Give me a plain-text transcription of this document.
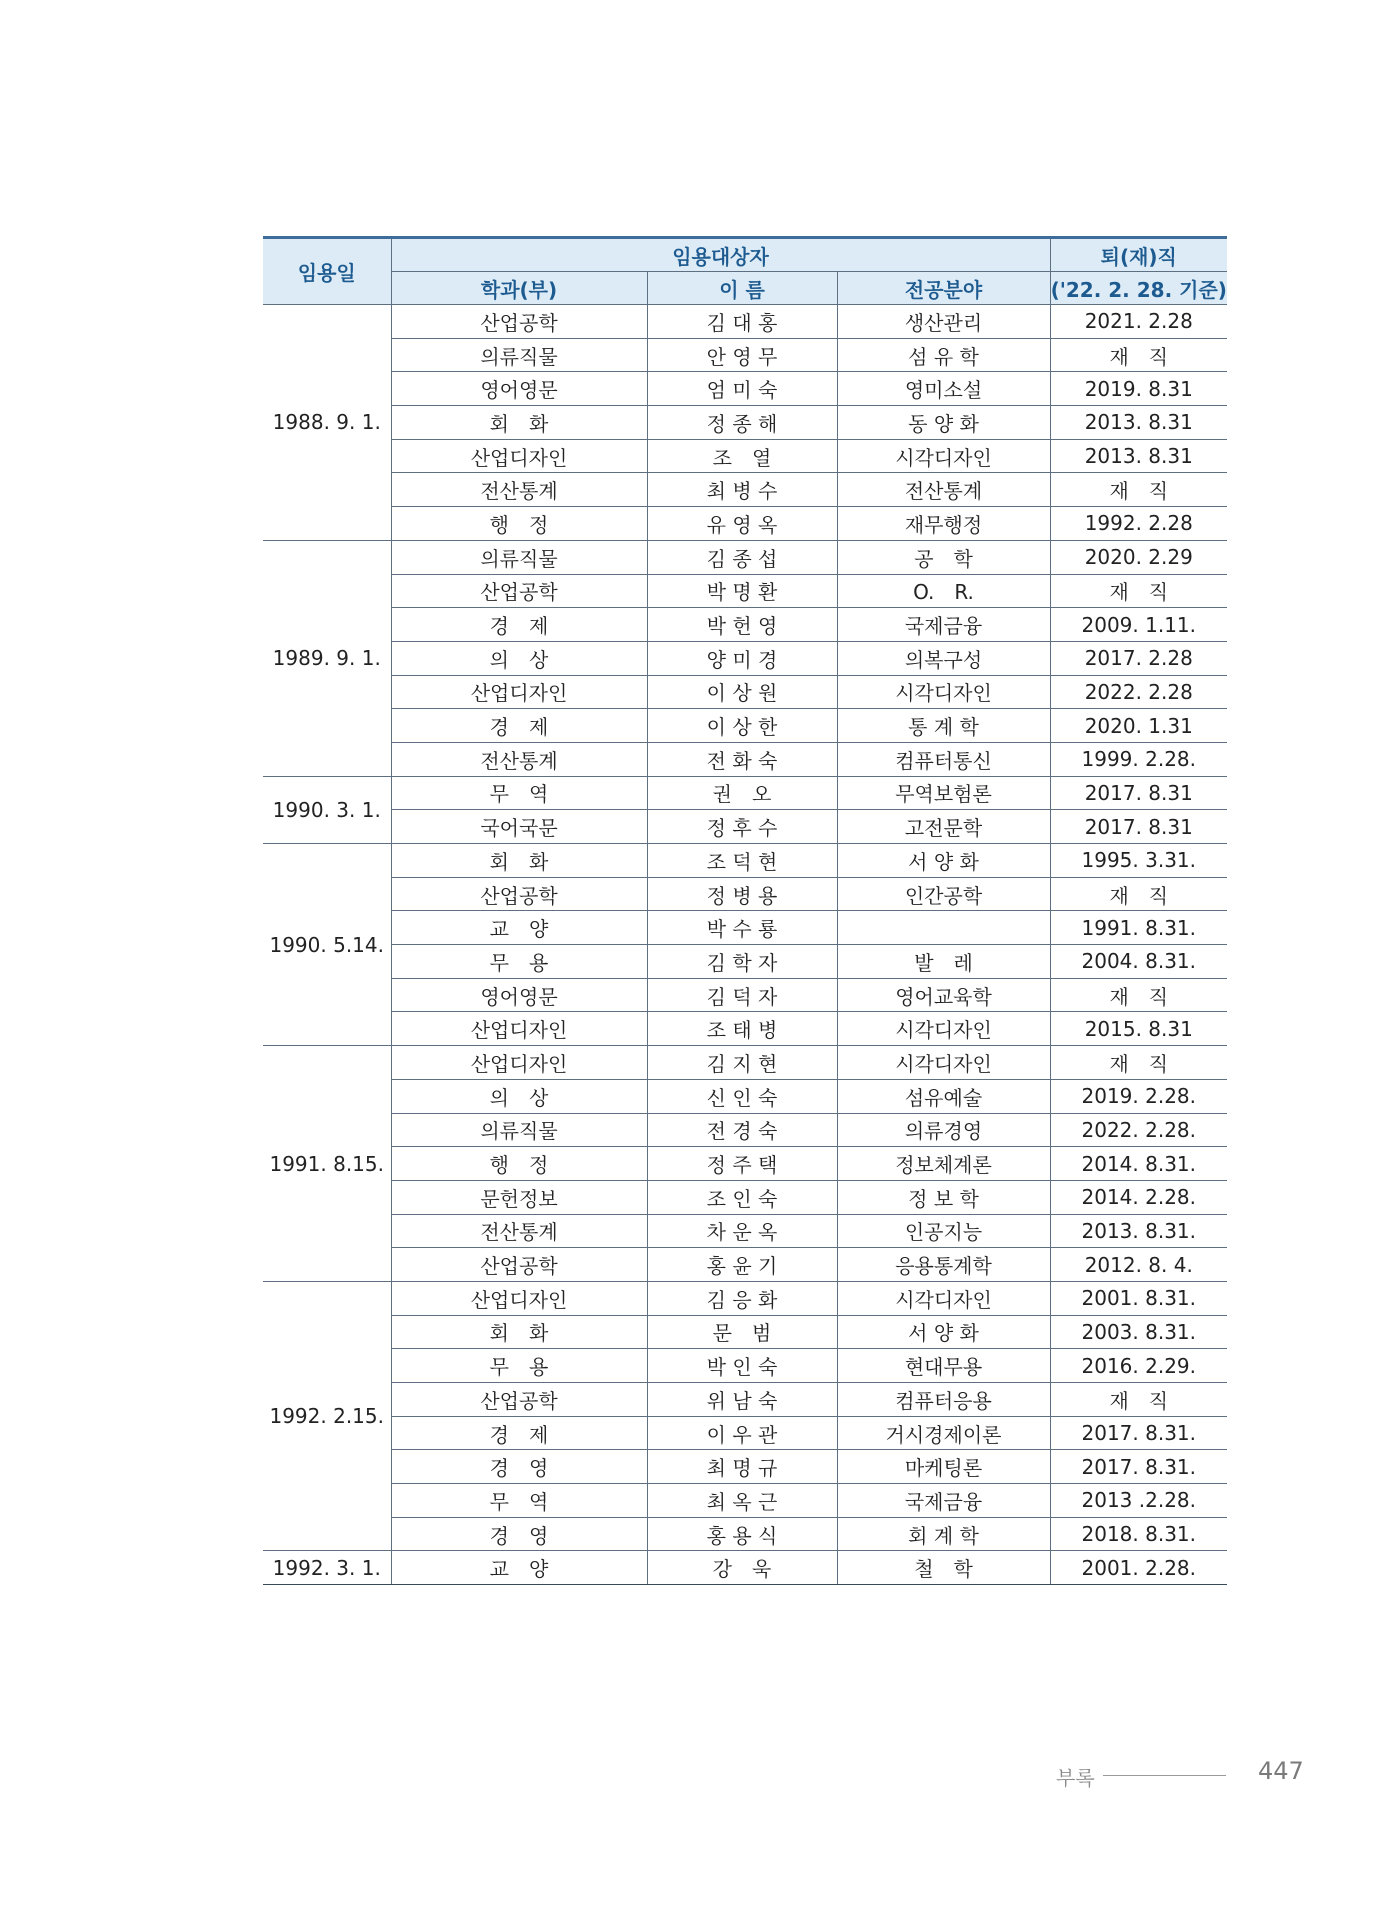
임용일	임용대상자			퇴(재)직
	학과(부)	이 름	전공분야	('22. 2. 28. 기준)
1988. 9. 1.	산업공학	김 대 홍	생산관리	2021. 2.28
	의류직물	안 영 무	섬 유 학	재　직
	영어영문	엄 미 숙	영미소설	2019. 8.31
	회　화	정 종 해	동 양 화	2013. 8.31
	산업디자인	조　열	시각디자인	2013. 8.31
	전산통계	최 병 수	전산통계	재　직
	행　정	유 영 옥	재무행정	1992. 2.28
1989. 9. 1.	의류직물	김 종 섭	공　학	2020. 2.29
	산업공학	박 명 환	O.　R.	재　직
	경　제	박 헌 영	국제금융	2009. 1.11.
	의　상	양 미 경	의복구성	2017. 2.28
	산업디자인	이 상 원	시각디자인	2022. 2.28
	경　제	이 상 한	통 계 학	2020. 1.31
	전산통계	전 화 숙	컴퓨터통신	1999. 2.28.
1990. 3. 1.	무　역	권　오	무역보험론	2017. 8.31
	국어국문	정 후 수	고전문학	2017. 8.31
1990. 5.14.	회　화	조 덕 현	서 양 화	1995. 3.31.
	산업공학	정 병 용	인간공학	재　직
	교　양	박 수 룡		1991. 8.31.
	무　용	김 학 자	발　레	2004. 8.31.
	영어영문	김 덕 자	영어교육학	재　직
	산업디자인	조 태 병	시각디자인	2015. 8.31
1991. 8.15.	산업디자인	김 지 현	시각디자인	재　직
	의　상	신 인 숙	섬유예술	2019. 2.28.
	의류직물	전 경 숙	의류경영	2022. 2.28.
	행　정	정 주 택	정보체계론	2014. 8.31.
	문헌정보	조 인 숙	정 보 학	2014. 2.28.
	전산통계	차 운 옥	인공지능	2013. 8.31.
	산업공학	홍 윤 기	응용통계학	2012. 8. 4.
1992. 2.15.	산업디자인	김 응 화	시각디자인	2001. 8.31.
	회　화	문　범	서 양 화	2003. 8.31.
	무　용	박 인 숙	현대무용	2016. 2.29.
	산업공학	위 남 숙	컴퓨터응용	재　직
	경　제	이 우 관	거시경제이론	2017. 8.31.
	경　영	최 명 규	마케팅론	2017. 8.31.
	무　역	최 옥 근	국제금융	2013 .2.28.
	경　영	홍 용 식	회 계 학	2018. 8.31.
1992. 3. 1.	교　양	강　욱	철　학	2001. 2.28.
부록	447
